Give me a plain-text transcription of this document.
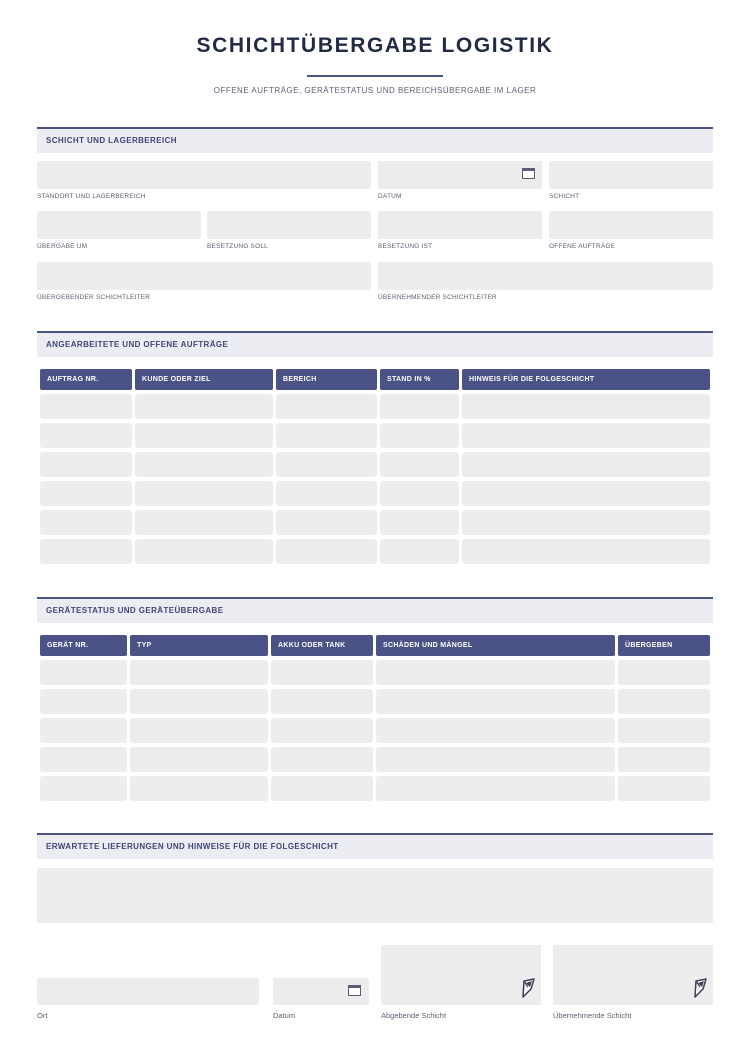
SCHICHTÜBERGABE LOGISTIK
OFFENE AUFTRÄGE, GERÄTESTATUS UND BEREICHSÜBERGABE IM LAGER
SCHICHT UND LAGERBEREICH
STANDORT UND LAGERBEREICH	DATUM	SCHICHT
ÜBERGABE UM	BESETZUNG SOLL	BESETZUNG IST	OFFENE AUFTRÄGE
ÜBERGEBENDER SCHICHTLEITER	ÜBERNEHMENDER SCHICHTLEITER
ANGEARBEITETE UND OFFENE AUFTRÄGE
AUFTRAG NR.	KUNDE ODER ZIEL	BEREICH	STAND IN %	HINWEIS FÜR DIE FOLGESCHICHT
GERÄTESTATUS UND GERÄTEÜBERGABE
GERÄT NR.	TYP	AKKU ODER TANK	SCHÄDEN UND MÄNGEL	ÜBERGEBEN
ERWARTETE LIEFERUNGEN UND HINWEISE FÜR DIE FOLGESCHICHT
Ort	Datum	Abgebende Schicht	Übernehmende Schicht
